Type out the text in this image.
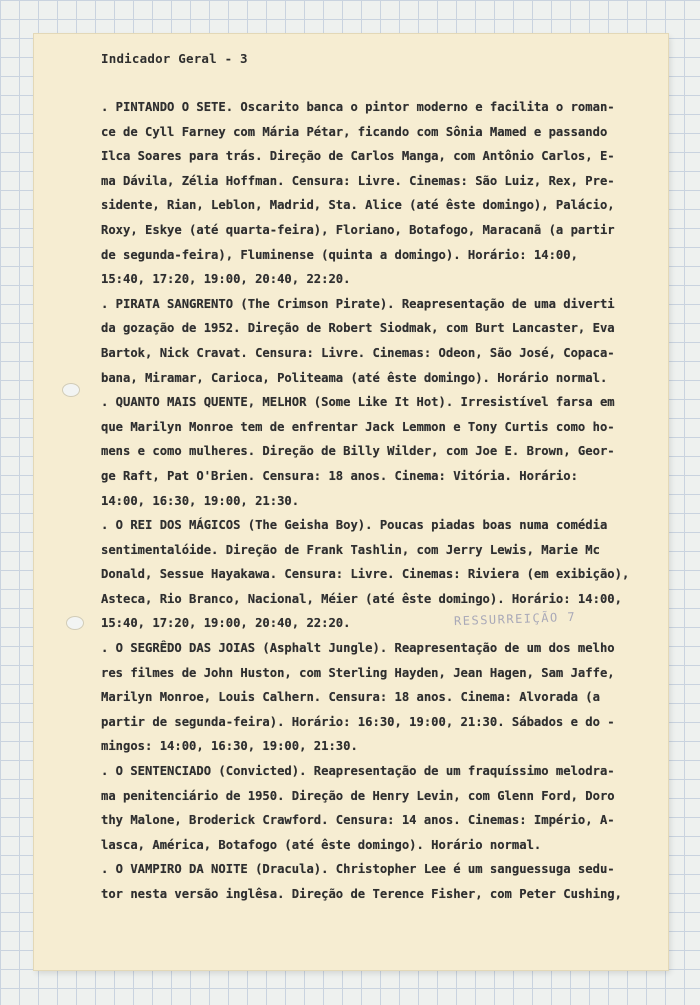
Indicador Geral - 3
RESSURREIÇÃO 7
. PINTANDO O SETE. Oscarito banca o pintor moderno e facilita o roman-
ce de Cyll Farney com Mária Pétar, ficando com Sônia Mamed e passando
Ilca Soares para trás. Direção de Carlos Manga, com Antônio Carlos, E-
ma Dávila, Zélia Hoffman. Censura: Livre. Cinemas: São Luiz, Rex, Pre-
sidente, Rian, Leblon, Madrid, Sta. Alice (até êste domingo), Palácio,
Roxy, Eskye (até quarta-feira), Floriano, Botafogo, Maracanã (a partir
de segunda-feira), Fluminense (quinta a domingo). Horário: 14:00,
15:40, 17:20, 19:00, 20:40, 22:20.
. PIRATA SANGRENTO (The Crimson Pirate). Reapresentação de uma diverti
da gozação de 1952. Direção de Robert Siodmak, com Burt Lancaster, Eva
Bartok, Nick Cravat. Censura: Livre. Cinemas: Odeon, São José, Copaca-
bana, Miramar, Carioca, Politeama (até êste domingo). Horário normal.
. QUANTO MAIS QUENTE, MELHOR (Some Like It Hot). Irresistível farsa em
que Marilyn Monroe tem de enfrentar Jack Lemmon e Tony Curtis como ho-
mens e como mulheres. Direção de Billy Wilder, com Joe E. Brown, Geor-
ge Raft, Pat O'Brien. Censura: 18 anos. Cinema: Vitória. Horário:
14:00, 16:30, 19:00, 21:30.
. O REI DOS MÁGICOS (The Geisha Boy). Poucas piadas boas numa comédia
sentimentalóide. Direção de Frank Tashlin, com Jerry Lewis, Marie Mc
Donald, Sessue Hayakawa. Censura: Livre. Cinemas: Riviera (em exibição),
Asteca, Rio Branco, Nacional, Méier (até êste domingo). Horário: 14:00,
15:40, 17:20, 19:00, 20:40, 22:20.
. O SEGRÊDO DAS JOIAS (Asphalt Jungle). Reapresentação de um dos melho
res filmes de John Huston, com Sterling Hayden, Jean Hagen, Sam Jaffe,
Marilyn Monroe, Louis Calhern. Censura: 18 anos. Cinema: Alvorada (a
partir de segunda-feira). Horário: 16:30, 19:00, 21:30. Sábados e do -
mingos: 14:00, 16:30, 19:00, 21:30.
. O SENTENCIADO (Convicted). Reapresentação de um fraquíssimo melodra-
ma penitenciário de 1950. Direção de Henry Levin, com Glenn Ford, Doro
thy Malone, Broderick Crawford. Censura: 14 anos. Cinemas: Império, A-
lasca, América, Botafogo (até êste domingo). Horário normal.
. O VAMPIRO DA NOITE (Dracula). Christopher Lee é um sanguessuga sedu-
tor nesta versão inglêsa. Direção de Terence Fisher, com Peter Cushing,
